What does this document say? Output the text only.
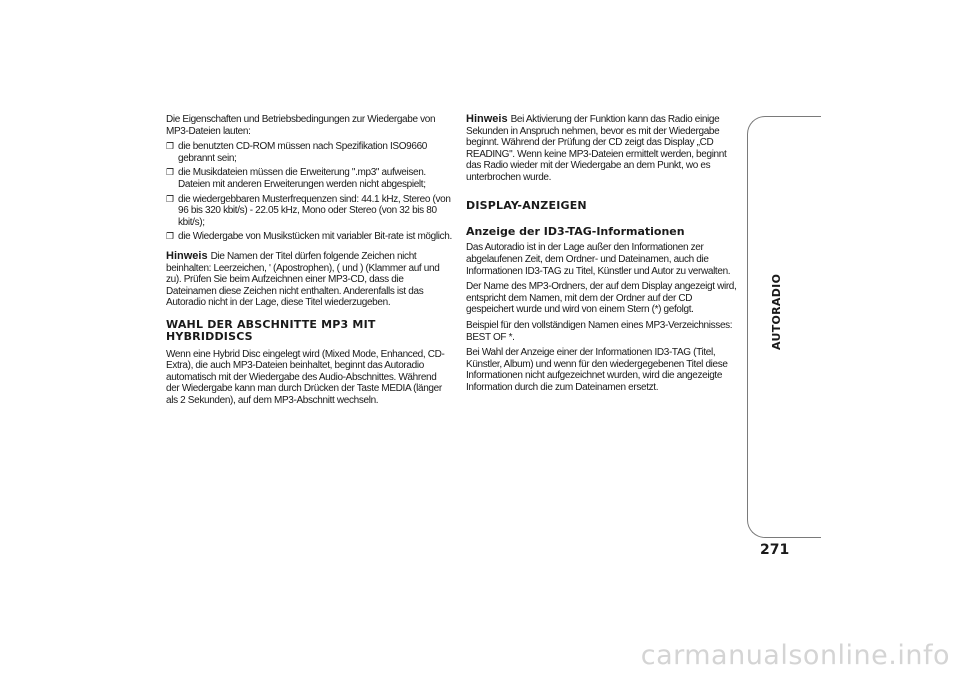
Die Eigenschaften und Betriebsbedingungen zur Wiedergabe von MP3-Dateien lauten:

❐ die benutzten CD-ROM müssen nach Spezifikation ISO9660 gebrannt sein;
❐ die Musikdateien müssen die Erweiterung ".mp3" aufweisen. Dateien mit anderen Erweiterungen werden nicht abgespielt;
❐ die wiedergebbaren Musterfrequenzen sind: 44.1 kHz, Stereo (von 96 bis 320 kbit/s) - 22.05 kHz, Mono oder Stereo (von 32 bis 80 kbit/s);
❐ die Wiedergabe von Musikstücken mit variabler Bit-rate ist möglich.

Hinweis Die Namen der Titel dürfen folgende Zeichen nicht beinhalten: Leerzeichen, ' (Apostrophen), ( und ) (Klammer auf und zu). Prüfen Sie beim Aufzeichnen einer MP3-CD, dass die Dateinamen diese Zeichen nicht enthalten. Anderenfalls ist das Autoradio nicht in der Lage, diese Titel wiederzugeben.

WAHL DER ABSCHNITTE MP3 MIT HYBRIDDISCS

Wenn eine Hybrid Disc eingelegt wird (Mixed Mode, Enhanced, CD-Extra), die auch MP3-Dateien beinhaltet, beginnt das Autoradio automatisch mit der Wiedergabe des Audio-Abschnittes. Während der Wiedergabe kann man durch Drücken der Taste MEDIA (länger als 2 Sekunden), auf dem MP3-Abschnitt wechseln.

Hinweis Bei Aktivierung der Funktion kann das Radio einige Sekunden in Anspruch nehmen, bevor es mit der Wiedergabe beginnt. Während der Prüfung der CD zeigt das Display „CD READING". Wenn keine MP3-Dateien ermittelt werden, beginnt das Radio wieder mit der Wiedergabe an dem Punkt, wo es unterbrochen wurde.

DISPLAY-ANZEIGEN
Anzeige der ID3-TAG-Informationen

Das Autoradio ist in der Lage außer den Informationen zer abgelaufenen Zeit, dem Ordner- und Dateinamen, auch die Informationen ID3-TAG zu Titel, Künstler und Autor zu verwalten.

Der Name des MP3-Ordners, der auf dem Display angezeigt wird, entspricht dem Namen, mit dem der Ordner auf der CD gespeichert wurde und wird von einem Stern (*) gefolgt.

Beispiel für den vollständigen Namen eines MP3-Verzeichnisses: BEST OF *.

Bei Wahl der Anzeige einer der Informationen ID3-TAG (Titel, Künstler, Album) und wenn für den wiedergegebenen Titel diese Informationen nicht aufgezeichnet wurden, wird die angezeigte Information durch die zum Dateinamen ersetzt.

AUTORADIO
271
carmanualsonline.info
